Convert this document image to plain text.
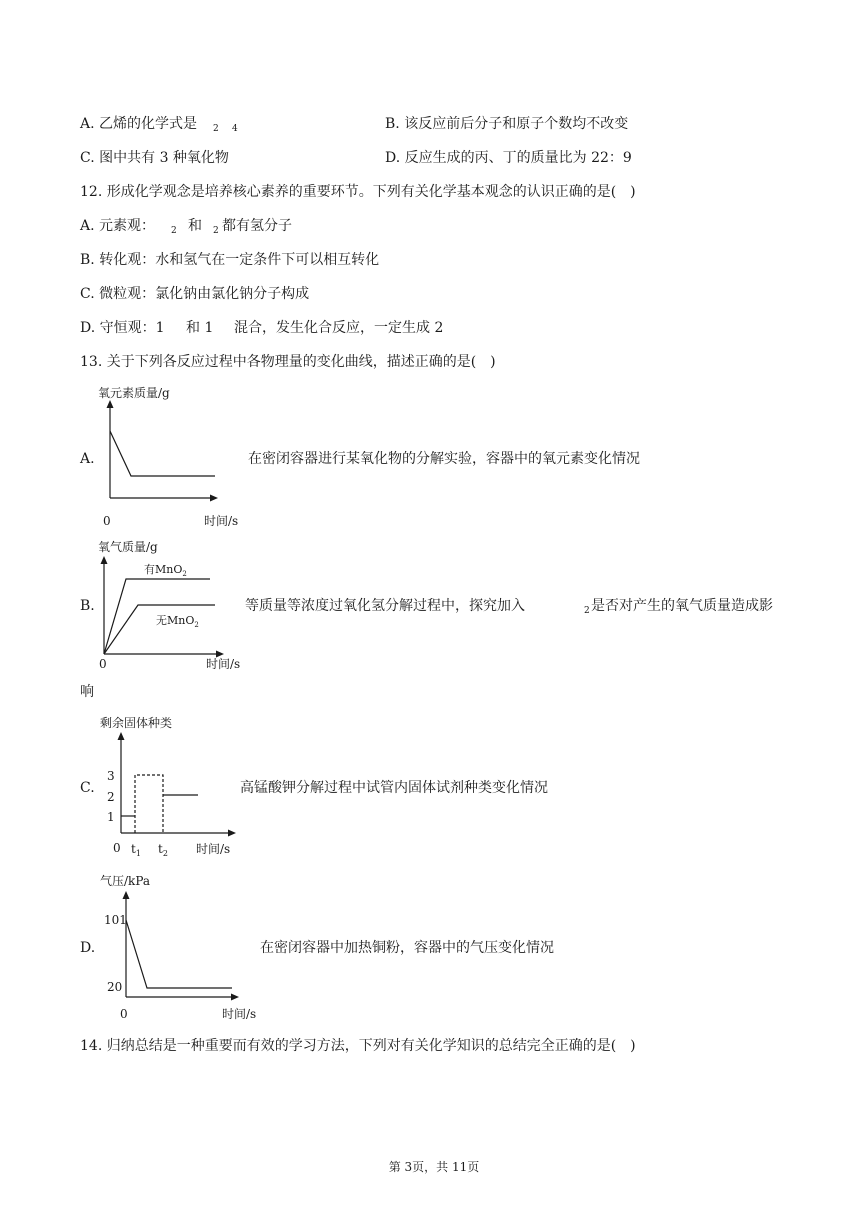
A. 乙烯的化学式是 2 4	B. 该反应前后分子和原子个数均不改变
C. 图中共有 3 种氧化物	D. 反应生成的丙、丁的质量比为 22：9
12. 形成化学观念是培养核心素养的重要环节。下列有关化学基本观念的认识正确的是(　)
A. 元素观： 2 和 2 都有氢分子
B. 转化观：水和氢气在一定条件下可以相互转化
C. 微粒观：氯化钠由氯化钠分子构成
D. 守恒观：1 和 1 混合，发生化合反应，一定生成 2
13. 关于下列各反应过程中各物理量的变化曲线，描述正确的是(　)
A.
氧元素质量/g
0	时间/s
在密闭容器进行某氧化物的分解实验，容器中的氧元素变化情况
B.
氧气质量/g
有MnO$_2$
无MnO$_2$
0	时间/s
等质量等浓度过氧化氢分解过程中，探究加入	2 是否对产生的氧气质量造成影
响
C.
剩余固体种类
3
2
1
0 $t_1$ $t_2$ 时间/s
高锰酸钾分解过程中试管内固体试剂种类变化情况
D.
气压/kPa
101
20
0	时间/s
在密闭容器中加热铜粉，容器中的气压变化情况
14. 归纳总结是一种重要而有效的学习方法，下列对有关化学知识的总结完全正确的是(　)
第 3页，共 11页
